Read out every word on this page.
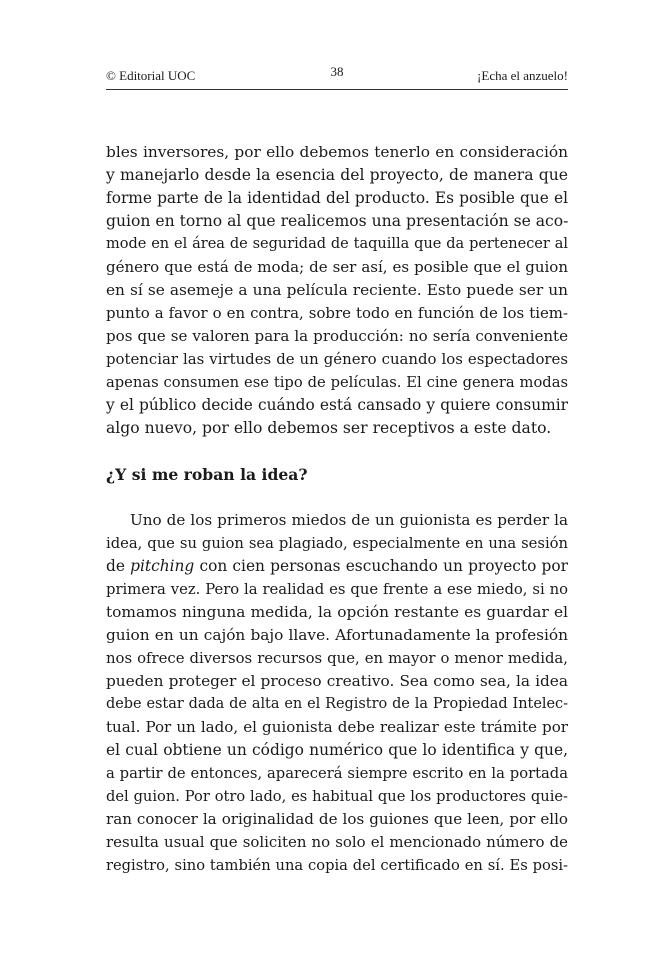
© Editorial UOC	38	¡Echa el anzuelo!
bles inversores, por ello debemos tenerlo en consideración
y manejarlo desde la esencia del proyecto, de manera que
forme parte de la identidad del producto. Es posible que el
guion en torno al que realicemos una presentación se aco-
mode en el área de seguridad de taquilla que da pertenecer al
género que está de moda; de ser así, es posible que el guion
en sí se asemeje a una película reciente. Esto puede ser un
punto a favor o en contra, sobre todo en función de los tiem-
pos que se valoren para la producción: no sería conveniente
potenciar las virtudes de un género cuando los espectadores
apenas consumen ese tipo de películas. El cine genera modas
y el público decide cuándo está cansado y quiere consumir
algo nuevo, por ello debemos ser receptivos a este dato.
¿Y si me roban la idea?
Uno de los primeros miedos de un guionista es perder la
idea, que su guion sea plagiado, especialmente en una sesión
de pitching con cien personas escuchando un proyecto por
primera vez. Pero la realidad es que frente a ese miedo, si no
tomamos ninguna medida, la opción restante es guardar el
guion en un cajón bajo llave. Afortunadamente la profesión
nos ofrece diversos recursos que, en mayor o menor medida,
pueden proteger el proceso creativo. Sea como sea, la idea
debe estar dada de alta en el Registro de la Propiedad Intelec-
tual. Por un lado, el guionista debe realizar este trámite por
el cual obtiene un código numérico que lo identifica y que,
a partir de entonces, aparecerá siempre escrito en la portada
del guion. Por otro lado, es habitual que los productores quie-
ran conocer la originalidad de los guiones que leen, por ello
resulta usual que soliciten no solo el mencionado número de
registro, sino también una copia del certificado en sí. Es posi-
